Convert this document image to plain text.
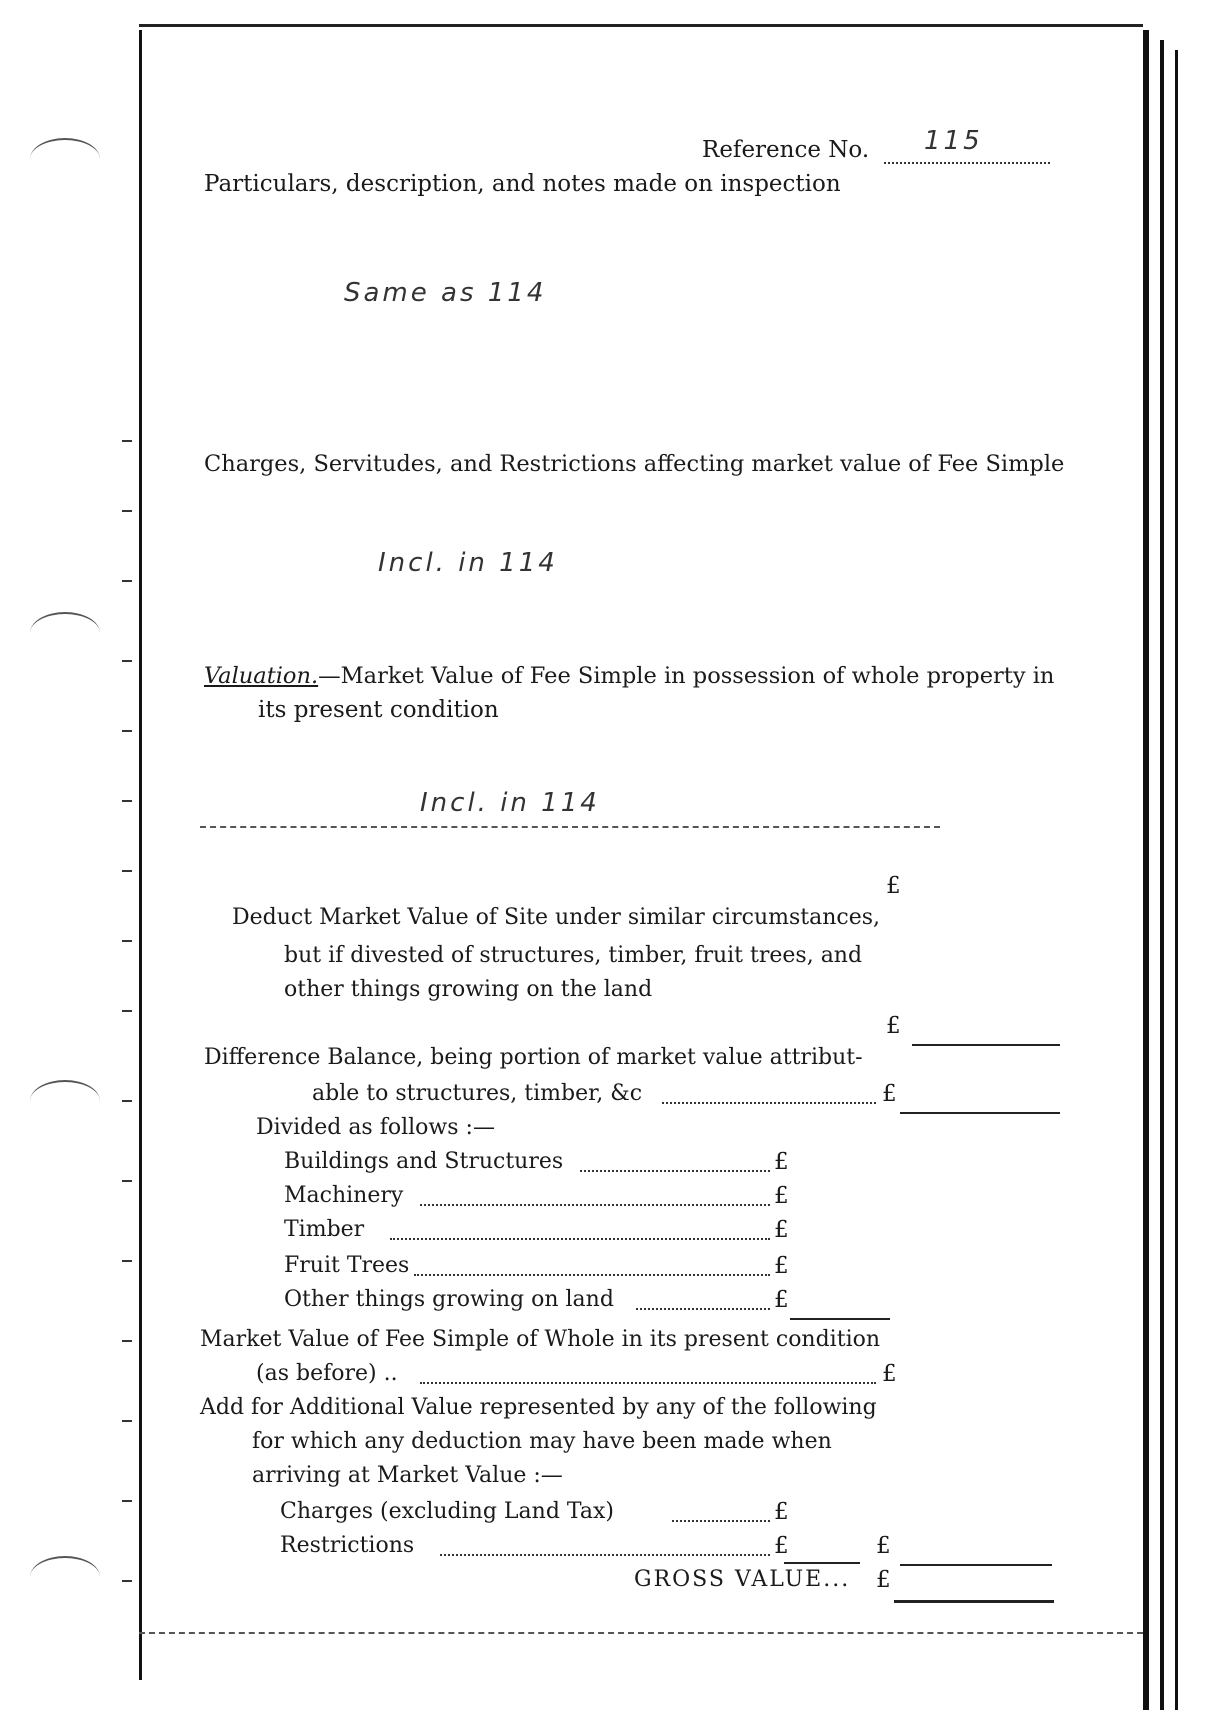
Reference No. 115
Particulars, description, and notes made on inspection
Same as 114
Charges, Servitudes, and Restrictions affecting market value of Fee Simple
Incl. in 114
Valuation.—Market Value of Fee Simple in possession of whole property in
its present condition
Incl. in 114
£
Deduct Market Value of Site under similar circumstances,
but if divested of structures, timber, fruit trees, and
other things growing on the land
£
Difference Balance, being portion of market value attribut-
able to structures, timber, &c	£
Divided as follows :—
Buildings and Structures	£
Machinery	£
Timber	£
Fruit Trees	£
Other things growing on land	£
Market Value of Fee Simple of Whole in its present condition
(as before) ..	£
Add for Additional Value represented by any of the following
for which any deduction may have been made when
arriving at Market Value :—
Charges (excluding Land Tax)	£
Restrictions	£	£
GROSS VALUE... £
